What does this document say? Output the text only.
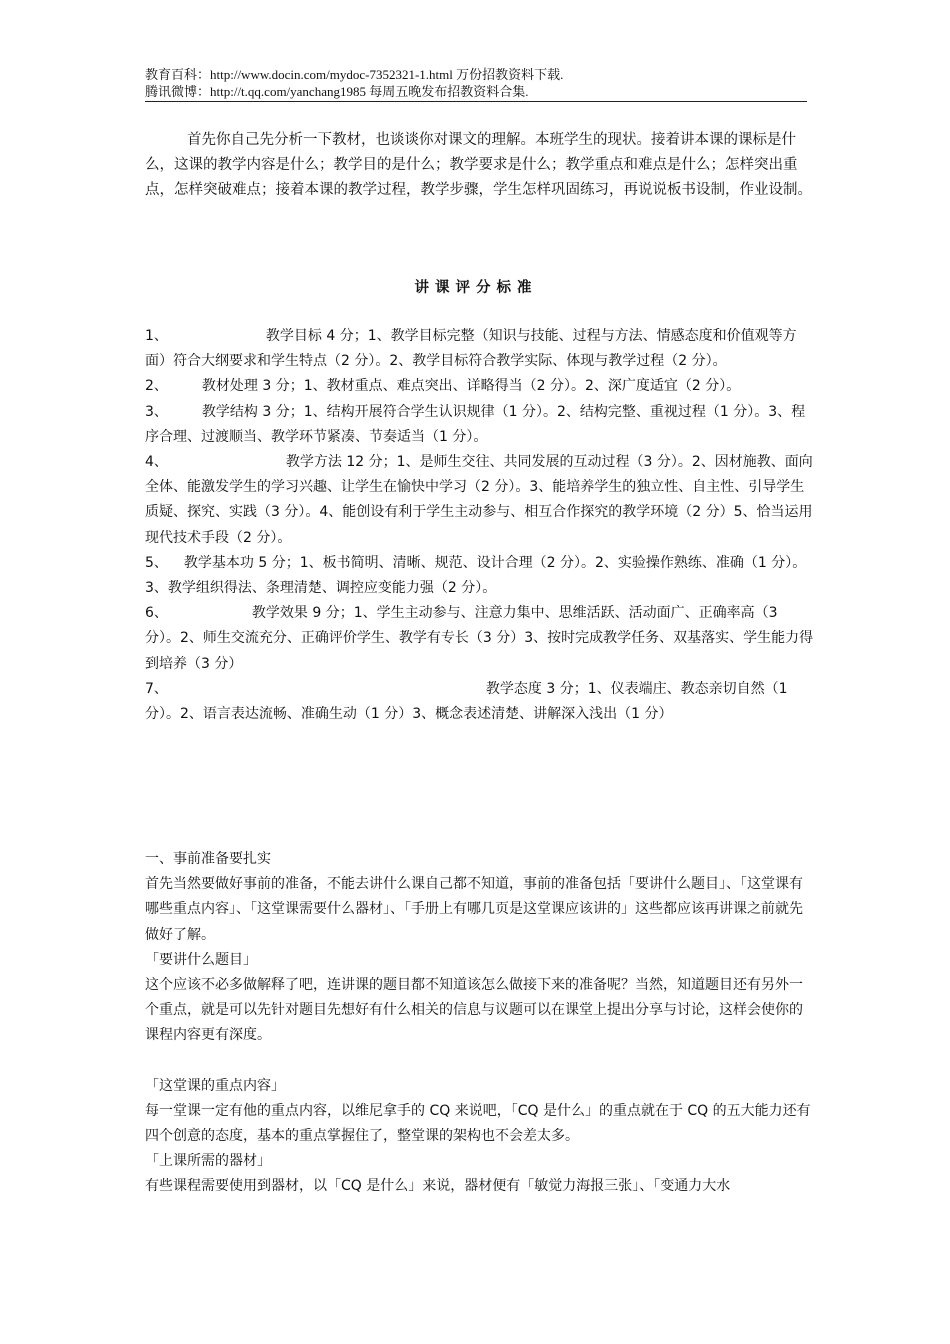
教育百科：http://www.docin.com/mydoc-7352321-1.html 万份招教资料下载.
腾讯微博：http://t.qq.com/yanchang1985 每周五晚发布招教资料合集.
首先你自己先分析一下教材，也谈谈你对课文的理解。本班学生的现状。接着讲本课的课标是什么，这课的教学内容是什么；教学目的是什么；教学要求是什么；教学重点和难点是什么；怎样突出重点，怎样突破难点；接着本课的教学过程，教学步骤，学生怎样巩固练习，再说说板书设制，作业设制。
讲课评分标准

1、	教学目标 4 分；1、教学目标完整（知识与技能、过程与方法、情感态度和价值观等方面）符合大纲要求和学生特点（2 分）。2、教学目标符合教学实际、体现与教学过程（2 分）。

2、 教材处理 3 分；1、教材重点、难点突出、详略得当（2 分）。2、深广度适宜（2 分）。

3、 教学结构 3 分；1、结构开展符合学生认识规律（1 分）。2、结构完整、重视过程（1 分）。3、程序合理、过渡顺当、教学环节紧凑、节奏适当（1 分）。

4、	教学方法 12 分；1、是师生交往、共同发展的互动过程（3 分）。2、因材施教、面向全体、能激发学生的学习兴趣、让学生在愉快中学习（2 分）。3、能培养学生的独立性、自主性、引导学生质疑、探究、实践（3 分）。4、能创设有利于学生主动参与、相互合作探究的教学环境（2 分）5、恰当运用现代技术手段（2 分）。

5、 教学基本功 5 分；1、板书简明、清晰、规范、设计合理（2 分）。2、实验操作熟练、准确（1 分）。3、教学组织得法、条理清楚、调控应变能力强（2 分）。

6、	教学效果 9 分；1、学生主动参与、注意力集中、思维活跃、活动面广、正确率高（3 分）。2、师生交流充分、正确评价学生、教学有专长（3 分）3、按时完成教学任务、双基落实、学生能力得到培养（3 分）

7、	教学态度 3 分；1、仪表端庄、教态亲切自然（1 分）。2、语言表达流畅、准确生动（1 分）3、概念表述清楚、讲解深入浅出（1 分）

一、事前准备要扎实

首先当然要做好事前的准备，不能去讲什么课自己都不知道，事前的准备包括「要讲什么题目」、「这堂课有哪些重点内容」、「这堂课需要什么器材」、「手册上有哪几页是这堂课应该讲的」这些都应该再讲课之前就先做好了解。

「要讲什么题目」

这个应该不必多做解释了吧，连讲课的题目都不知道该怎么做接下来的准备呢？当然，知道题目还有另外一个重点，就是可以先针对题目先想好有什么相关的信息与议题可以在课堂上提出分享与讨论，这样会使你的课程内容更有深度。

「这堂课的重点内容」

每一堂课一定有他的重点内容，以维尼拿手的 CQ 来说吧，「CQ 是什么」的重点就在于 CQ 的五大能力还有四个创意的态度，基本的重点掌握住了，整堂课的架构也不会差太多。

「上课所需的器材」

有些课程需要使用到器材，以「CQ 是什么」来说，器材便有「敏觉力海报三张」、「变通力大水
